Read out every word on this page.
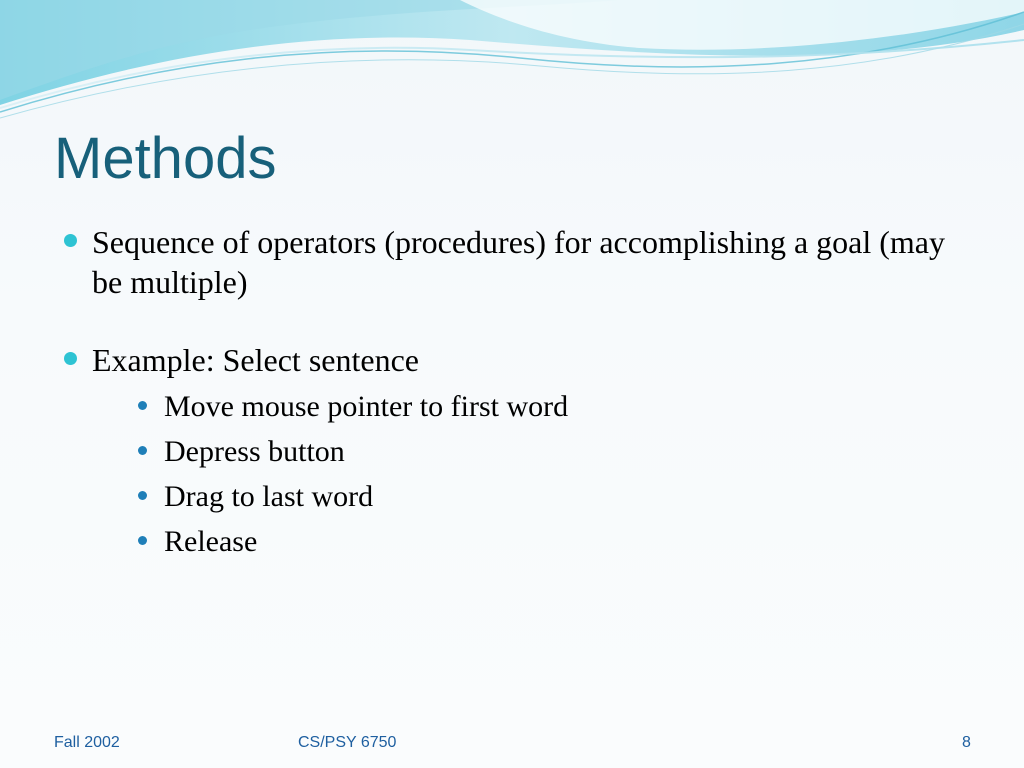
Methods
Sequence of operators (procedures) for accomplishing a goal (may be multiple)
Example: Select sentence
Move mouse pointer to first word
Depress button
Drag to last word
Release
Fall 2002	CS/PSY 6750	8
